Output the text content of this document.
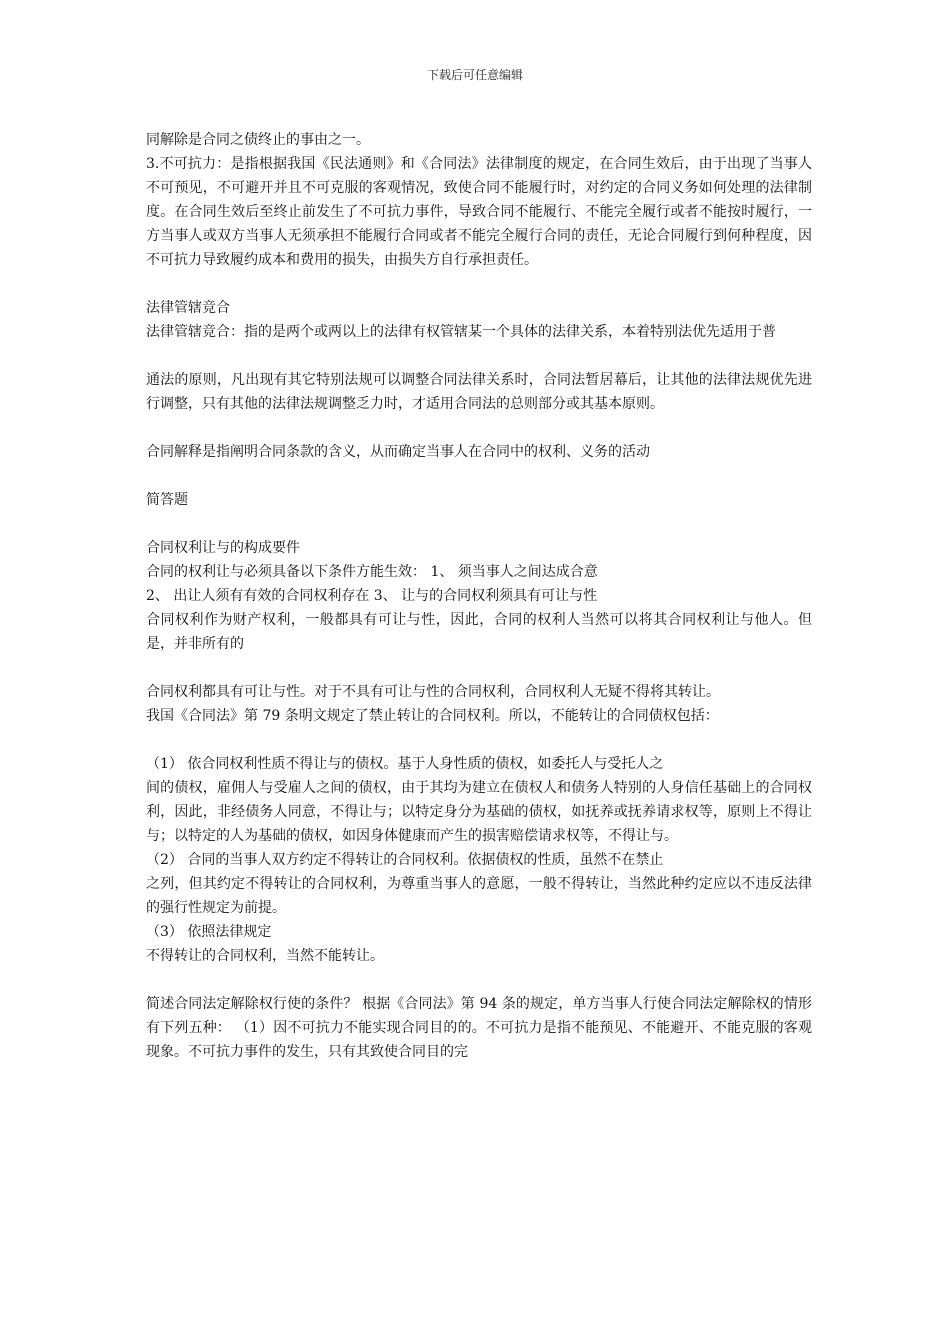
下载后可任意编辑

同解除是合同之债终止的事由之一。

3.不可抗力：是指根据我国《民法通则》和《合同法》法律制度的规定，在合同生效后，由于出现了当事人不可预见，不可避开并且不可克服的客观情况，致使合同不能履行时，对约定的合同义务如何处理的法律制度。在合同生效后至终止前发生了不可抗力事件，导致合同不能履行、不能完全履行或者不能按时履行，一方当事人或双方当事人无须承担不能履行合同或者不能完全履行合同的责任，无论合同履行到何种程度，因不可抗力导致履约成本和费用的损失，由损失方自行承担责任。

法律管辖竞合

法律管辖竞合：指的是两个或两以上的法律有权管辖某一个具体的法律关系，本着特别法优先适用于普

通法的原则，凡出现有其它特别法规可以调整合同法律关系时，合同法暂居幕后，让其他的法律法规优先进行调整，只有其他的法律法规调整乏力时，才适用合同法的总则部分或其基本原则。

合同解释是指阐明合同条款的含义，从而确定当事人在合同中的权利、义务的活动

简答题

合同权利让与的构成要件

合同的权利让与必须具备以下条件方能生效： 1、 须当事人之间达成合意

2、 出让人须有有效的合同权利存在 3、 让与的合同权利须具有可让与性

合同权利作为财产权利，一般都具有可让与性，因此，合同的权利人当然可以将其合同权利让与他人。但是，并非所有的

合同权利都具有可让与性。对于不具有可让与性的合同权利，合同权利人无疑不得将其转让。

我国《合同法》第 79 条明文规定了禁止转让的合同权利。所以，不能转让的合同债权包括：

（1） 依合同权利性质不得让与的债权。基于人身性质的债权，如委托人与受托人之

间的债权，雇佣人与受雇人之间的债权，由于其均为建立在债权人和债务人特别的人身信任基础上的合同权利，因此，非经债务人同意，不得让与；以特定身分为基础的债权，如抚养或抚养请求权等，原则上不得让与；以特定的人为基础的债权，如因身体健康而产生的损害赔偿请求权等，不得让与。

（2） 合同的当事人双方约定不得转让的合同权利。依据债权的性质，虽然不在禁止

之列，但其约定不得转让的合同权利，为尊重当事人的意愿，一般不得转让，当然此种约定应以不违反法律的强行性规定为前提。

（3） 依照法律规定

不得转让的合同权利，当然不能转让。

简述合同法定解除权行使的条件？ 根据《合同法》第 94 条的规定，单方当事人行使合同法定解除权的情形有下列五种： （1）因不可抗力不能实现合同目的的。不可抗力是指不能预见、不能避开、不能克服的客观现象。不可抗力事件的发生，只有其致使合同目的完
